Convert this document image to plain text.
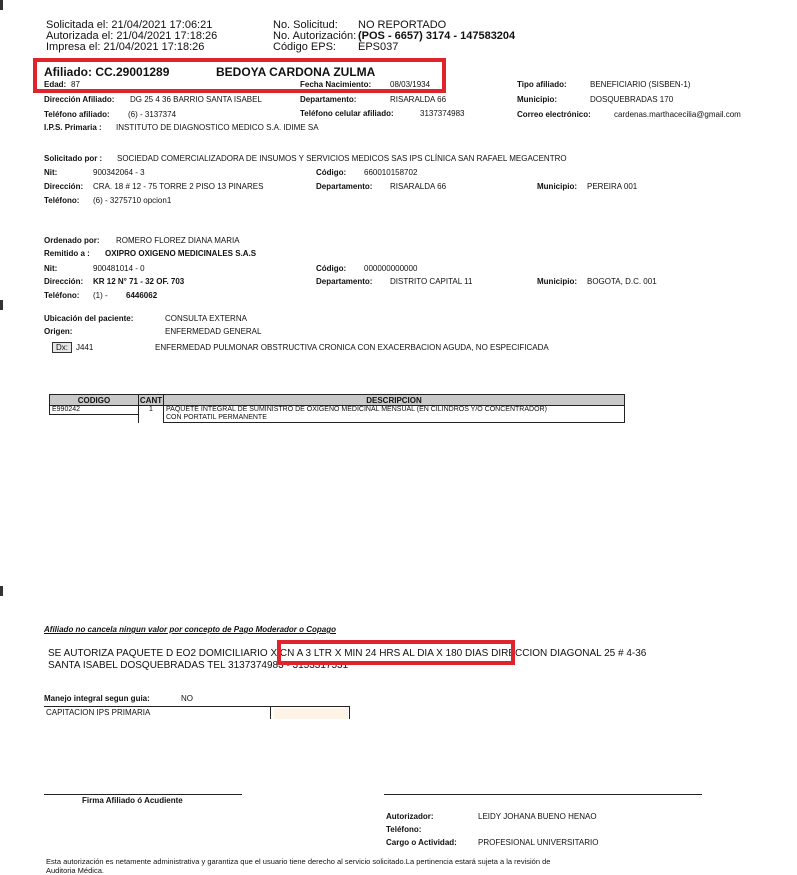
Solicitada el: 21/04/2021 17:06:21
Autorizada el: 21/04/2021 17:18:26
Impresa el: 21/04/2021 17:18:26
No. Solicitud: NO REPORTADO
No. Autorización: (POS - 6657) 3174 - 147583204
Código EPS: EPS037
Afiliado: CC.29001289	BEDOYA CARDONA ZULMA
Edad: 87	Fecha Nacimiento: 08/03/1934	Tipo afiliado:	BENEFICIARIO (SISBEN-1)
Dirección Afiliado: DG 25 4 36 BARRIO SANTA ISABEL	Departamento:	RISARALDA 66	Municipio:	DOSQUEBRADAS 170
Teléfono afiliado: (6) - 3137374	Teléfono celular afiliado:	3137374983	Correo electrónico:	cardenas.marthacecilia@gmail.com
I.P.S. Primaria : INSTITUTO DE DIAGNOSTICO MEDICO S.A. IDIME SA
Solicitado por : SOCIEDAD COMERCIALIZADORA DE INSUMOS Y SERVICIOS MEDICOS SAS IPS CLÍNICA SAN RAFAEL MEGACENTRO
Nit:	900342064 - 3	Código: 660010158702
Dirección: CRA. 18 # 12 - 75 TORRE 2 PISO 13 PINARES	Departamento: RISARALDA 66	Municipio: PEREIRA 001
Teléfono: (6) - 3275710 opcion1
Ordenado por: ROMERO FLOREZ DIANA MARIA
Remitido a : OXIPRO OXIGENO MEDICINALES S.A.S
Nit:	900481014 - 0	Código: 000000000000
Dirección: KR 12 N° 71 - 32 OF. 703	Departamento: DISTRITO CAPITAL 11	Municipio: BOGOTA, D.C. 001
Teléfono: (1) - 6446062
Ubicación del paciente:	CONSULTA EXTERNA
Origen:	ENFERMEDAD GENERAL
Dx:	J441	ENFERMEDAD PULMONAR OBSTRUCTIVA CRONICA CON EXACERBACION AGUDA, NO ESPECIFICADA
CODIGO	CANT	DESCRIPCION
E990242	1	PAQUETE INTEGRAL DE SUMINISTRO DE OXIGENO MEDICINAL MENSUAL (EN CILINDROS Y/O CONCENTRADOR)
CON PORTATIL PERMANENTE

Afiliado no cancela ningun valor por concepto de Pago Moderador o Copago
SE AUTORIZA PAQUETE D EO2 DOMICILIARIO X CN A 3 LTR X MIN 24 HRS AL DIA X 180 DIAS DIRECCION DIAGONAL 25 # 4-36
SANTA ISABEL DOSQUEBRADAS TEL 3137374983 - 3153317531
Manejo integral segun guia:	NO
CAPITACION IPS PRIMARIA
Firma Afiliado ó Acudiente
Autorizador:	LEIDY JOHANA BUENO HENAO
Teléfono:
Cargo o Actividad:	PROFESIONAL UNIVERSITARIO
Esta autorización es netamente administrativa y garantiza que el usuario tiene derecho al servicio solicitado.La pertinencia estará sujeta a la revisión de
Auditoria Médica.
